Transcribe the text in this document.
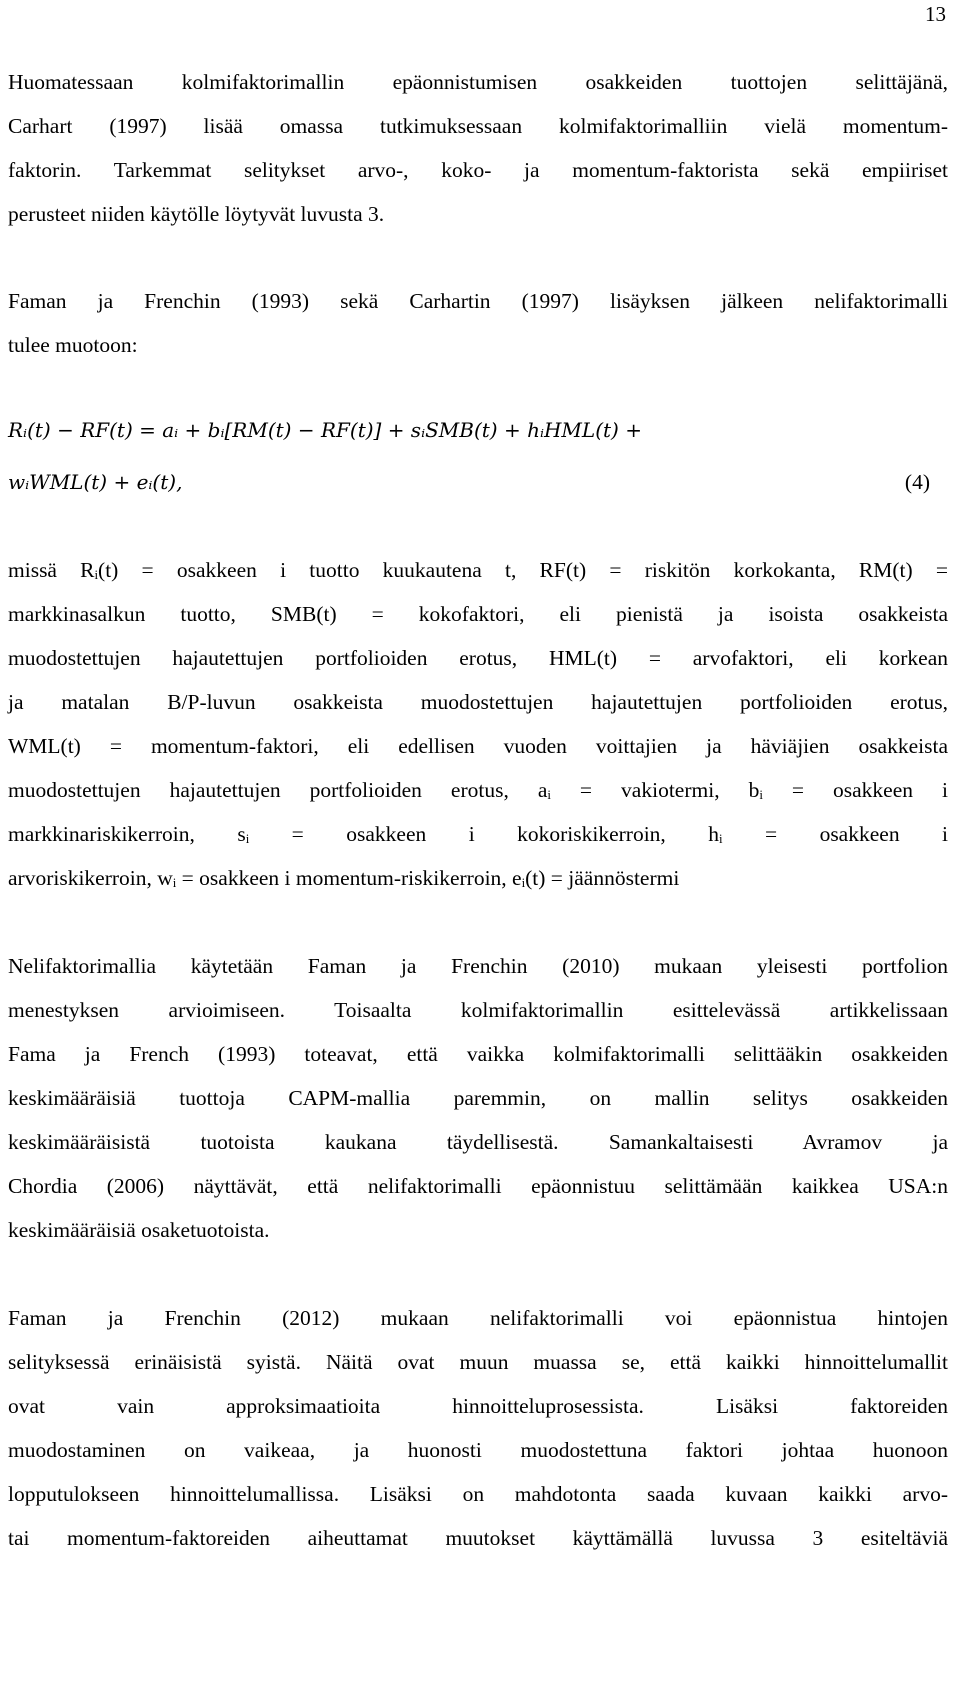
13
Huomatessaan kolmifaktorimallin epäonnistumisen osakkeiden tuottojen selittäjänä,
Carhart (1997) lisää omassa tutkimuksessaan kolmifaktorimalliin vielä momentum-
faktorin. Tarkemmat selitykset arvo-, koko- ja momentum-faktorista sekä empiiriset
perusteet niiden käytölle löytyvät luvusta 3.
Faman ja Frenchin (1993) sekä Carhartin (1997) lisäyksen jälkeen nelifaktorimalli
tulee muotoon:
Rᵢ(t) − RF(t) = aᵢ + bᵢ[RM(t) − RF(t)] + sᵢSMB(t) + hᵢHML(t) +
wᵢWML(t) + eᵢ(t),	(4)
missä Rᵢ(t) = osakkeen i tuotto kuukautena t, RF(t) = riskitön korkokanta, RM(t) =
markkinasalkun tuotto, SMB(t) = kokofaktori, eli pienistä ja isoista osakkeista
muodostettujen hajautettujen portfolioiden erotus, HML(t) = arvofaktori, eli korkean
ja matalan B/P-luvun osakkeista muodostettujen hajautettujen portfolioiden erotus,
WML(t) = momentum-faktori, eli edellisen vuoden voittajien ja häviäjien osakkeista
muodostettujen hajautettujen portfolioiden erotus, aᵢ = vakiotermi, bᵢ = osakkeen i
markkinariskikerroin, sᵢ = osakkeen i kokoriskikerroin, hᵢ = osakkeen i
arvoriskikerroin, wᵢ = osakkeen i momentum-riskikerroin, eᵢ(t) = jäännöstermi
Nelifaktorimallia käytetään Faman ja Frenchin (2010) mukaan yleisesti portfolion
menestyksen arvioimiseen. Toisaalta kolmifaktorimallin esittelevässä artikkelissaan
Fama ja French (1993) toteavat, että vaikka kolmifaktorimalli selittääkin osakkeiden
keskimääräisiä tuottoja CAPM-mallia paremmin, on mallin selitys osakkeiden
keskimääräisistä tuotoista kaukana täydellisestä. Samankaltaisesti Avramov ja
Chordia (2006) näyttävät, että nelifaktorimalli epäonnistuu selittämään kaikkea USA:n
keskimääräisiä osaketuotoista.
Faman ja Frenchin (2012) mukaan nelifaktorimalli voi epäonnistua hintojen
selityksessä erinäisistä syistä. Näitä ovat muun muassa se, että kaikki hinnoittelumallit
ovat vain approksimaatioita hinnoitteluprosessista. Lisäksi faktoreiden
muodostaminen on vaikeaa, ja huonosti muodostettuna faktori johtaa huonoon
lopputulokseen hinnoittelumallissa. Lisäksi on mahdotonta saada kuvaan kaikki arvo-
tai momentum-faktoreiden aiheuttamat muutokset käyttämällä luvussa 3 esiteltäviä
